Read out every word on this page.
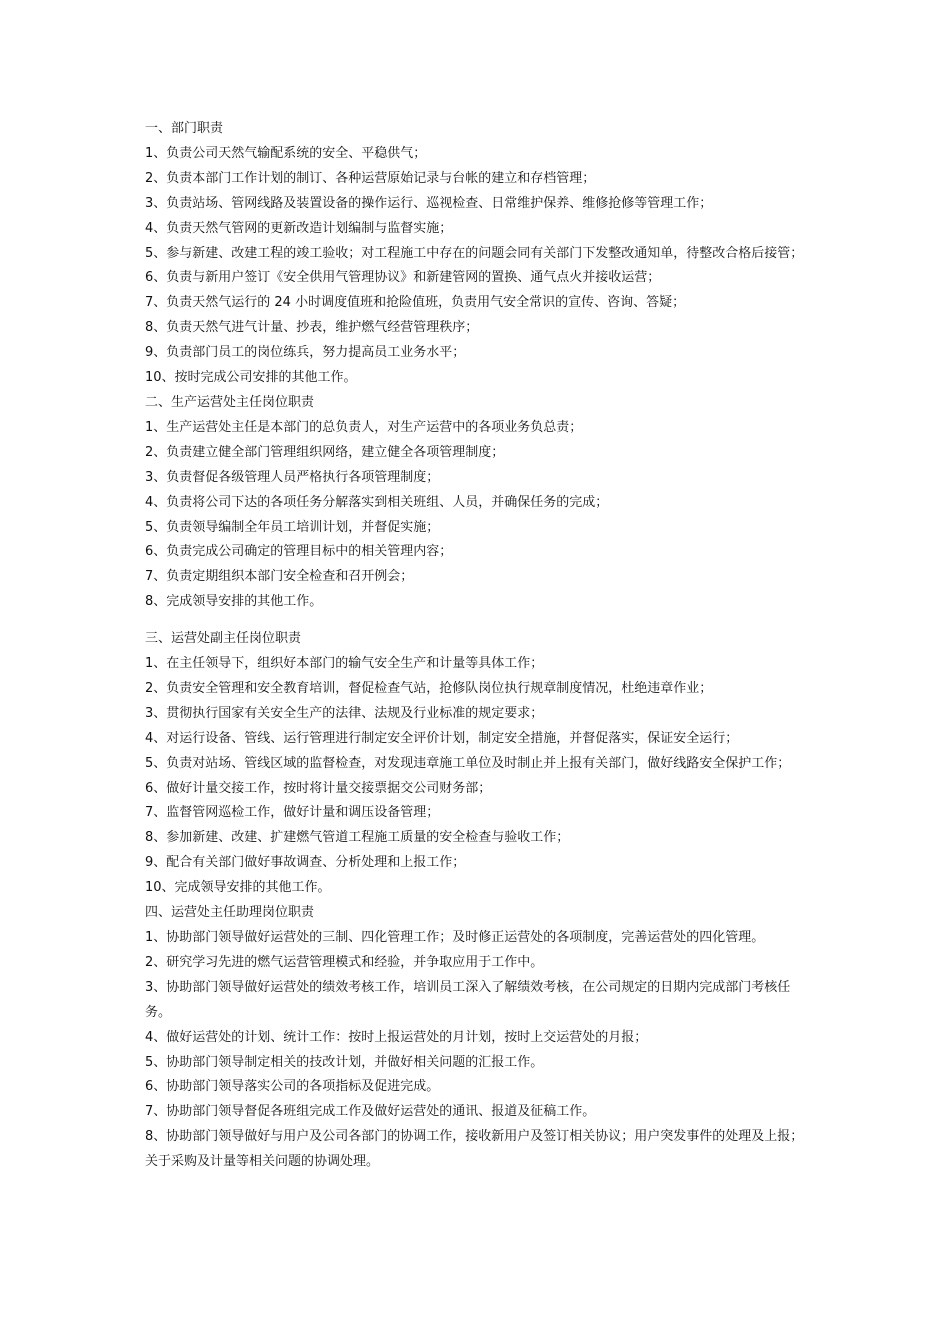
一、部门职责

1、负责公司天然气输配系统的安全、平稳供气；

2、负责本部门工作计划的制订、各种运营原始记录与台帐的建立和存档管理；

3、负责站场、管网线路及装置设备的操作运行、巡视检查、日常维护保养、维修抢修等管理工作；

4、负责天然气管网的更新改造计划编制与监督实施；

5、参与新建、改建工程的竣工验收；对工程施工中存在的问题会同有关部门下发整改通知单，待整改合格后接管；

6、负责与新用户签订《安全供用气管理协议》和新建管网的置换、通气点火并接收运营；

7、负责天然气运行的 24 小时调度值班和抢险值班，负责用气安全常识的宣传、咨询、答疑；

8、负责天然气进气计量、抄表，维护燃气经营管理秩序；

9、负责部门员工的岗位练兵，努力提高员工业务水平；

10、按时完成公司安排的其他工作。

二、生产运营处主任岗位职责

1、生产运营处主任是本部门的总负责人，对生产运营中的各项业务负总责；

2、负责建立健全部门管理组织网络，建立健全各项管理制度；

3、负责督促各级管理人员严格执行各项管理制度；

4、负责将公司下达的各项任务分解落实到相关班组、人员，并确保任务的完成；

5、负责领导编制全年员工培训计划，并督促实施；

6、负责完成公司确定的管理目标中的相关管理内容；

7、负责定期组织本部门安全检查和召开例会；

8、完成领导安排的其他工作。

三、运营处副主任岗位职责

1、在主任领导下，组织好本部门的输气安全生产和计量等具体工作；

2、负责安全管理和安全教育培训，督促检查气站，抢修队岗位执行规章制度情况，杜绝违章作业；

3、贯彻执行国家有关安全生产的法律、法规及行业标准的规定要求；

4、对运行设备、管线、运行管理进行制定安全评价计划，制定安全措施，并督促落实，保证安全运行；

5、负责对站场、管线区域的监督检查，对发现违章施工单位及时制止并上报有关部门，做好线路安全保护工作；

6、做好计量交接工作，按时将计量交接票据交公司财务部；

7、监督管网巡检工作，做好计量和调压设备管理；

8、参加新建、改建、扩建燃气管道工程施工质量的安全检查与验收工作；

9、配合有关部门做好事故调查、分析处理和上报工作；

10、完成领导安排的其他工作。

四、运营处主任助理岗位职责

1、协助部门领导做好运营处的三制、四化管理工作；及时修正运营处的各项制度，完善运营处的四化管理。

2、研究学习先进的燃气运营管理模式和经验，并争取应用于工作中。

3、协助部门领导做好运营处的绩效考核工作，培训员工深入了解绩效考核，在公司规定的日期内完成部门考核任务。

4、做好运营处的计划、统计工作：按时上报运营处的月计划，按时上交运营处的月报；

5、协助部门领导制定相关的技改计划，并做好相关问题的汇报工作。

6、协助部门领导落实公司的各项指标及促进完成。

7、协助部门领导督促各班组完成工作及做好运营处的通讯、报道及征稿工作。

8、协助部门领导做好与用户及公司各部门的协调工作，接收新用户及签订相关协议；用户突发事件的处理及上报；关于采购及计量等相关问题的协调处理。
